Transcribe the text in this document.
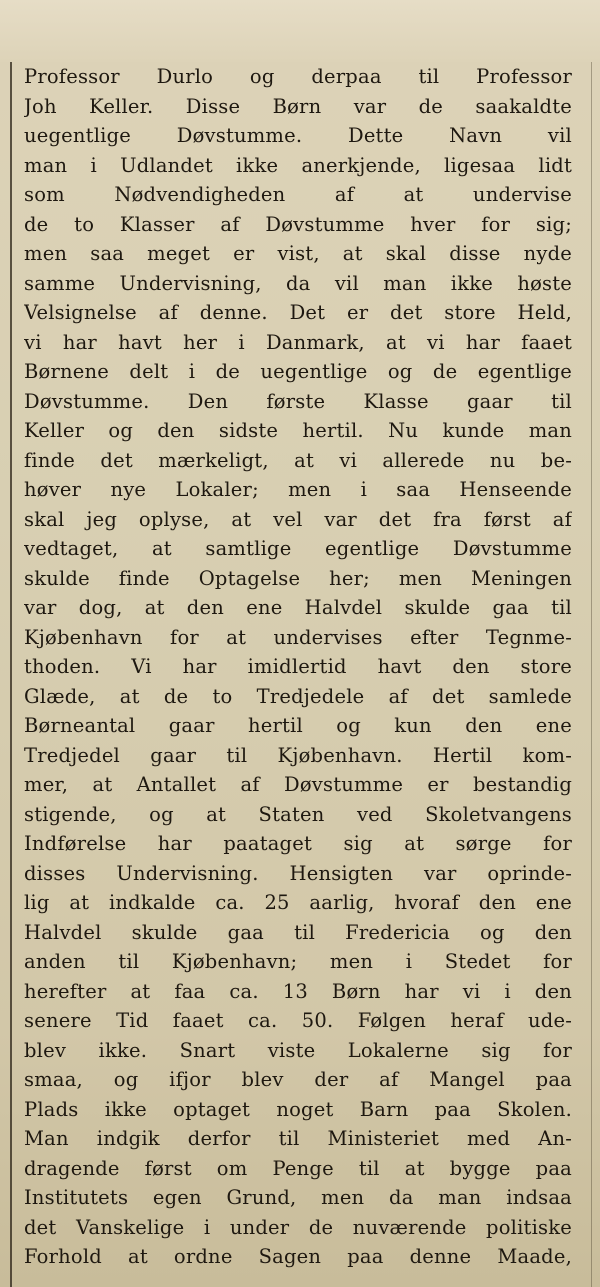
Professor Durlo og derpaa til Professor
Joh Keller. Disse Børn var de saakaldte
uegentlige Døvstumme. Dette Navn vil
man i Udlandet ikke anerkjende, ligesaa lidt
som Nødvendigheden af at undervise
de to Klasser af Døvstumme hver for sig;
men saa meget er vist, at skal disse nyde
samme Undervisning, da vil man ikke høste
Velsignelse af denne. Det er det store Held,
vi har havt her i Danmark, at vi har faaet
Børnene delt i de uegentlige og de egentlige
Døvstumme. Den første Klasse gaar til
Keller og den sidste hertil. Nu kunde man
finde det mærkeligt, at vi allerede nu be-
høver nye Lokaler; men i saa Henseende
skal jeg oplyse, at vel var det fra først af
vedtaget, at samtlige egentlige Døvstumme
skulde finde Optagelse her; men Meningen
var dog, at den ene Halvdel skulde gaa til
Kjøbenhavn for at undervises efter Tegnme-
thoden. Vi har imidlertid havt den store
Glæde, at de to Tredjedele af det samlede
Børneantal gaar hertil og kun den ene
Tredjedel gaar til Kjøbenhavn. Hertil kom-
mer, at Antallet af Døvstumme er bestandig
stigende, og at Staten ved Skoletvangens
Indførelse har paataget sig at sørge for
disses Undervisning. Hensigten var oprinde-
lig at indkalde ca. 25 aarlig, hvoraf den ene
Halvdel skulde gaa til Fredericia og den
anden til Kjøbenhavn; men i Stedet for
herefter at faa ca. 13 Børn har vi i den
senere Tid faaet ca. 50. Følgen heraf ude-
blev ikke. Snart viste Lokalerne sig for
smaa, og ifjor blev der af Mangel paa
Plads ikke optaget noget Barn paa Skolen.
Man indgik derfor til Ministeriet med An-
dragende først om Penge til at bygge paa
Institutets egen Grund, men da man indsaa
det Vanskelige i under de nuværende politiske
Forhold at ordne Sagen paa denne Maade,
